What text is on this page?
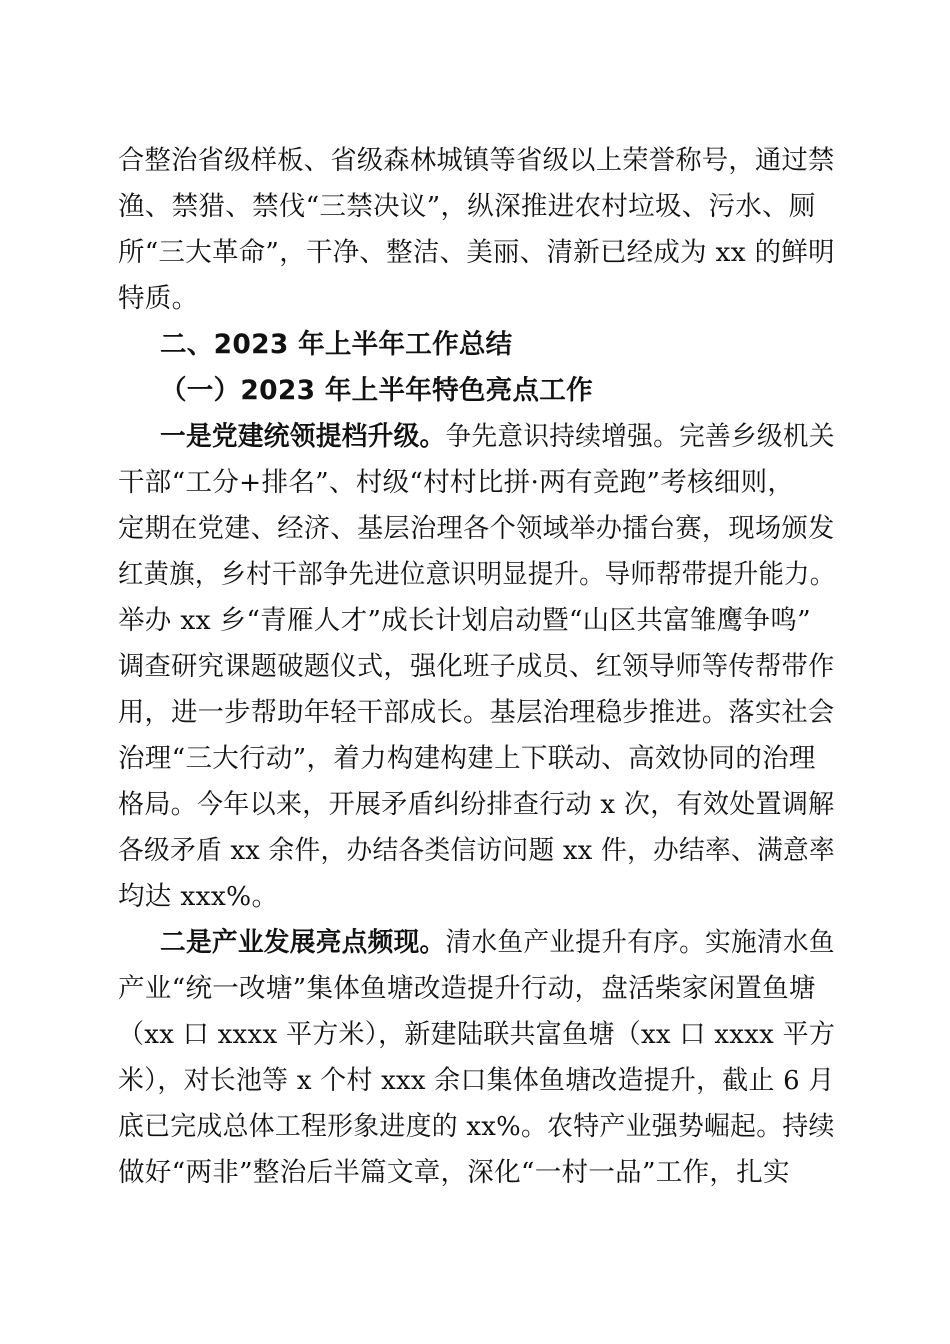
合整治省级样板、省级森林城镇等省级以上荣誉称号，通过禁
渔、禁猎、禁伐“三禁决议”，纵深推进农村垃圾、污水、厕
所“三大革命”，干净、整洁、美丽、清新已经成为 xx 的鲜明
特质。
二、2023 年上半年工作总结
（一）2023 年上半年特色亮点工作
一是党建统领提档升级。争先意识持续增强。完善乡级机关
干部“工分+排名”、村级“村村比拼·两有竞跑”考核细则，
定期在党建、经济、基层治理各个领域举办擂台赛，现场颁发
红黄旗，乡村干部争先进位意识明显提升。导师帮带提升能力。
举办 xx 乡“青雁人才”成长计划启动暨“山区共富雏鹰争鸣”
调查研究课题破题仪式，强化班子成员、红领导师等传帮带作
用，进一步帮助年轻干部成长。基层治理稳步推进。落实社会
治理“三大行动”，着力构建构建上下联动、高效协同的治理
格局。今年以来，开展矛盾纠纷排查行动 x 次，有效处置调解
各级矛盾 xx 余件，办结各类信访问题 xx 件，办结率、满意率
均达 xxx%。
二是产业发展亮点频现。清水鱼产业提升有序。实施清水鱼
产业“统一改塘”集体鱼塘改造提升行动，盘活柴家闲置鱼塘
（xx 口 xxxx 平方米），新建陆联共富鱼塘（xx 口 xxxx 平方
米），对长池等 x 个村 xxx 余口集体鱼塘改造提升，截止 6 月
底已完成总体工程形象进度的 xx%。农特产业强势崛起。持续
做好“两非”整治后半篇文章，深化“一村一品”工作，扎实
